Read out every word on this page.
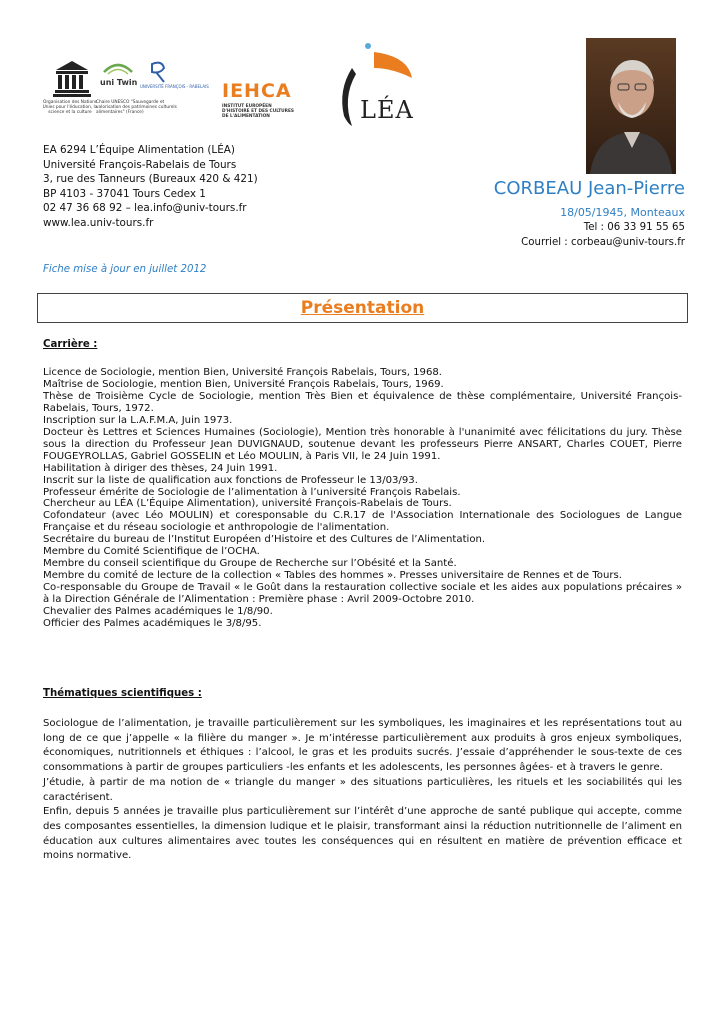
Organisation des Nations Unies pour l'éducation, la science et la culture
uni Twin UNIVERSITÉ FRANÇOIS - RABELAIS
Chaire UNESCO "Sauvegarde et valorisation des patrimoines culturels alimentaires" (France)
IEHCA
INSTITUT EUROPÉEN D'HISTOIRE ET DES CULTURES DE L'ALIMENTATION	LÉA
EA 6294 L’Équipe Alimentation (LÉA)
Université François-Rabelais de Tours
3, rue des Tanneurs (Bureaux 420 & 421)
BP 4103 - 37041 Tours Cedex 1
02 47 36 68 92 – lea.info@univ-tours.fr
www.lea.univ-tours.fr
CORBEAU Jean-Pierre
18/05/1945, Monteaux
Tel : 06 33 91 55 65
Courriel : corbeau@univ-tours.fr
Fiche mise à jour en juillet 2012
Présentation
Carrière :

Licence de Sociologie, mention Bien, Université François Rabelais, Tours, 1968.

Maîtrise de Sociologie, mention Bien, Université François Rabelais, Tours, 1969.

Thèse de Troisième Cycle de Sociologie, mention Très Bien et équivalence de thèse complémentaire, Université François-Rabelais, Tours, 1972.

Inscription sur la L.A.F.M.A, Juin 1973.

Docteur ès Lettres et Sciences Humaines (Sociologie), Mention très honorable à l'unanimité avec félicitations du jury. Thèse sous la direction du Professeur Jean DUVIGNAUD, soutenue devant les professeurs Pierre ANSART, Charles COUET, Pierre FOUGEYROLLAS, Gabriel GOSSELIN et Léo MOULIN, à Paris VII, le 24 Juin 1991.

Habilitation à diriger des thèses, 24 Juin 1991.

Inscrit sur la liste de qualification aux fonctions de Professeur le 13/03/93.

Professeur émérite de Sociologie de l’alimentation à l’université François Rabelais.

Chercheur au LÉA (L’Équipe Alimentation), université François-Rabelais de Tours.

Cofondateur (avec Léo MOULIN) et coresponsable du C.R.17 de l'Association Internationale des Sociologues de Langue Française et du réseau sociologie et anthropologie de l'alimentation.

Secrétaire du bureau de l’Institut Européen d’Histoire et des Cultures de l’Alimentation.

Membre du Comité Scientifique de l’OCHA.

Membre du conseil scientifique du Groupe de Recherche sur l’Obésité et la Santé.

Membre du comité de lecture de la collection « Tables des hommes ». Presses universitaire de Rennes et de Tours.

Co-responsable du Groupe de Travail « le Goût dans la restauration collective sociale et les aides aux populations précaires » à la Direction Générale de l’Alimentation : Première phase : Avril 2009-Octobre 2010.

Chevalier des Palmes académiques le 1/8/90.

Officier des Palmes académiques le 3/8/95.

Thématiques scientifiques :

Sociologue de l’alimentation, je travaille particulièrement sur les symboliques, les imaginaires et les représentations tout au long de ce que j’appelle « la filière du manger ». Je m’intéresse particulièrement aux produits à gros enjeux symboliques, économiques, nutritionnels et éthiques : l’alcool, le gras et les produits sucrés. J’essaie d’appréhender le sous-texte de ces consommations à partir de groupes particuliers -les enfants et les adolescents, les personnes âgées- et à travers le genre.

J’étudie, à partir de ma notion de « triangle du manger » des situations particulières, les rituels et les sociabilités qui les caractérisent.

Enfin, depuis 5 années je travaille plus particulièrement sur l’intérêt d’une approche de santé publique qui accepte, comme des composantes essentielles, la dimension ludique et le plaisir, transformant ainsi la réduction nutritionnelle de l’aliment en éducation aux cultures alimentaires avec toutes les conséquences qui en résultent en matière de prévention efficace et moins normative.
